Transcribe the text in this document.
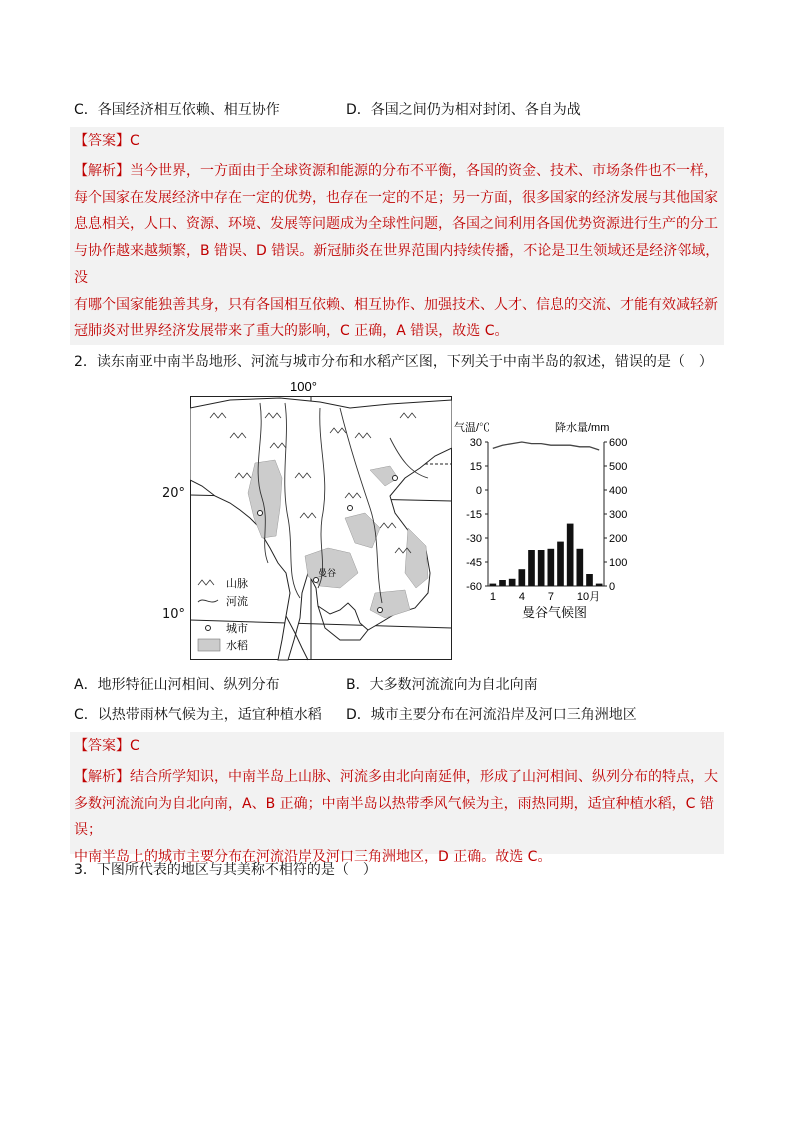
C．各国经济相互依赖、相互协作	D．各国之间仍为相对封闭、各自为战
【答案】C
【解析】当今世界，一方面由于全球资源和能源的分布不平衡，各国的资金、技术、市场条件也不一样，
每个国家在发展经济中存在一定的优势，也存在一定的不足；另一方面，很多国家的经济发展与其他国家
息息相关，人口、资源、环境、发展等问题成为全球性问题，各国之间利用各国优势资源进行生产的分工
与协作越来越频繁，B 错误、D 错误。新冠肺炎在世界范围内持续传播，不论是卫生领域还是经济邻域，没
有哪个国家能独善其身，只有各国相互依赖、相互协作、加强技术、人才、信息的交流、才能有效减轻新
冠肺炎对世界经济发展带来了重大的影响，C 正确，A 错误，故选 C。
2．读东南亚中南半岛地形、河流与城市分布和水稻产区图，下列关于中南半岛的叙述，错误的是（　）
100°
曼谷
山脉
河流
城市
水稻
20°
10°
气温/℃	降水量/mm
30
15
0
-15
-30
-45
-60
600
500
400
300
200
100
0
1 4 7 10月
曼谷气候图
A．地形特征山河相间、纵列分布	B．大多数河流流向为自北向南
C．以热带雨林气候为主，适宜种植水稻 D．城市主要分布在河流沿岸及河口三角洲地区
【答案】C
【解析】结合所学知识，中南半岛上山脉、河流多由北向南延伸，形成了山河相间、纵列分布的特点，大
多数河流流向为自北向南，A、B 正确；中南半岛以热带季风气候为主，雨热同期，适宜种植水稻，C 错误；
中南半岛上的城市主要分布在河流沿岸及河口三角洲地区，D 正确。故选 C。
3．下图所代表的地区与其美称不相符的是（　）
